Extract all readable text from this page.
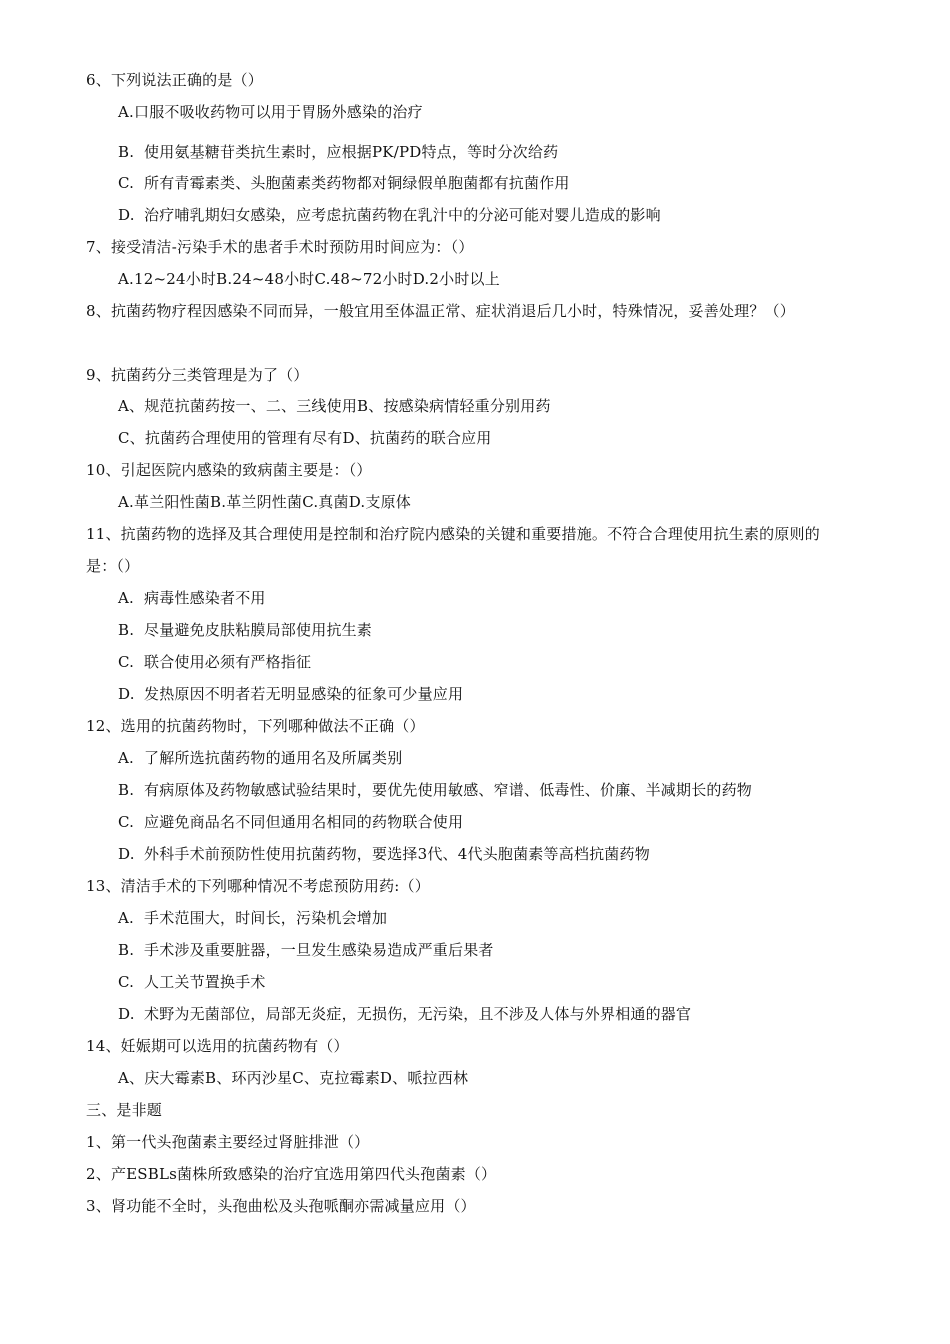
6、下列说法正确的是（）
A.口服不吸收药物可以用于胃肠外感染的治疗
B. 使用氨基糖苷类抗生素时，应根据PK/PD特点，等时分次给药
C. 所有青霉素类、头胞菌素类药物都对铜绿假单胞菌都有抗菌作用
D. 治疗哺乳期妇女感染，应考虑抗菌药物在乳汁中的分泌可能对婴儿造成的影响
7、接受清洁-污染手术的患者手术时预防用时间应为：（）
A.12~24小时B.24~48小时C.48~72小时D.2小时以上
8、抗菌药物疗程因感染不同而异，一般宜用至体温正常、症状消退后几小时，特殊情况，妥善处理？（）
9、抗菌药分三类管理是为了（）
A、规范抗菌药按一、二、三线使用B、按感染病情轻重分别用药
C、抗菌药合理使用的管理有尽有D、抗菌药的联合应用
10、引起医院内感染的致病菌主要是：（）
A.革兰阳性菌B.革兰阴性菌C.真菌D.支原体
11、抗菌药物的选择及其合理使用是控制和治疗院内感染的关键和重要措施。不符合合理使用抗生素的原则的
是：（）
A. 病毒性感染者不用
B. 尽量避免皮肤粘膜局部使用抗生素
C. 联合使用必须有严格指征
D. 发热原因不明者若无明显感染的征象可少量应用
12、选用的抗菌药物时，下列哪种做法不正确（）
A. 了解所选抗菌药物的通用名及所属类别
B. 有病原体及药物敏感试验结果时，要优先使用敏感、窄谱、低毒性、价廉、半减期长的药物
C. 应避免商品名不同但通用名相同的药物联合使用
D. 外科手术前预防性使用抗菌药物，要选择3代、4代头胞菌素等高档抗菌药物
13、清洁手术的下列哪种情况不考虑预防用药:（）
A. 手术范围大，时间长，污染机会增加
B. 手术涉及重要脏器，一旦发生感染易造成严重后果者
C. 人工关节置换手术
D. 术野为无菌部位，局部无炎症，无损伤，无污染，且不涉及人体与外界相通的器官
14、妊娠期可以选用的抗菌药物有（）
A、庆大霉素B、环丙沙星C、克拉霉素D、哌拉西林
三、是非题
1、第一代头孢菌素主要经过肾脏排泄（）
2、产ESBLs菌株所致感染的治疗宜选用第四代头孢菌素（）
3、肾功能不全时，头孢曲松及头孢哌酮亦需减量应用（）
